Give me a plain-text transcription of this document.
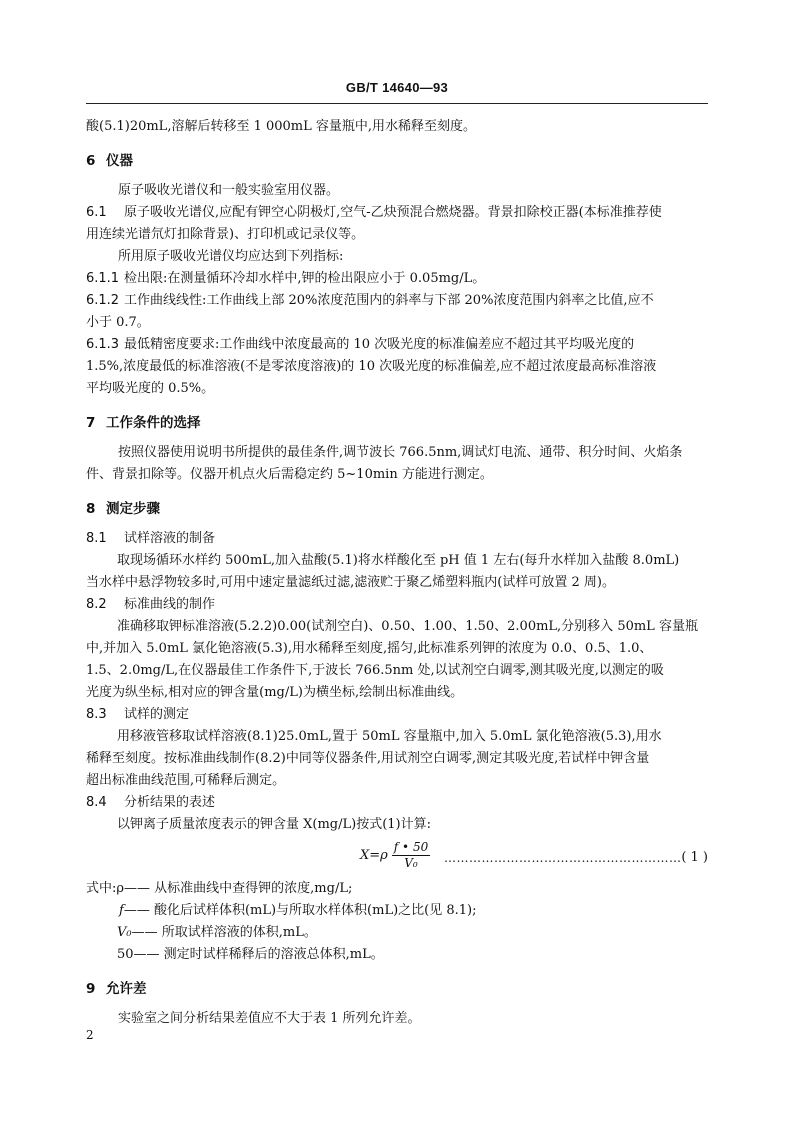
GB/T 14640—93
酸(5.1)20mL,溶解后转移至 1 000mL 容量瓶中,用水稀释至刻度。
6 仪器
原子吸收光谱仪和一般实验室用仪器。
6.1 原子吸收光谱仪,应配有钾空心阴极灯,空气-乙炔预混合燃烧器。背景扣除校正器(本标准推荐使
用连续光谱氘灯扣除背景)、打印机或记录仪等。
所用原子吸收光谱仪均应达到下列指标:
6.1.1 检出限:在测量循环冷却水样中,钾的检出限应小于 0.05mg/L。
6.1.2 工作曲线线性:工作曲线上部 20%浓度范围内的斜率与下部 20%浓度范围内斜率之比值,应不
小于 0.7。
6.1.3 最低精密度要求:工作曲线中浓度最高的 10 次吸光度的标准偏差应不超过其平均吸光度的
1.5%,浓度最低的标准溶液(不是零浓度溶液)的 10 次吸光度的标准偏差,应不超过浓度最高标准溶液
平均吸光度的 0.5%。
7 工作条件的选择
按照仪器使用说明书所提供的最佳条件,调节波长 766.5nm,调试灯电流、通带、积分时间、火焰条
件、背景扣除等。仪器开机点火后需稳定约 5~10min 方能进行测定。
8 测定步骤
8.1 试样溶液的制备
取现场循环水样约 500mL,加入盐酸(5.1)将水样酸化至 pH 值 1 左右(每升水样加入盐酸 8.0mL)
当水样中悬浮物较多时,可用中速定量滤纸过滤,滤液贮于聚乙烯塑料瓶内(试样可放置 2 周)。
8.2 标准曲线的制作
准确移取钾标准溶液(5.2.2)0.00(试剂空白)、0.50、1.00、1.50、2.00mL,分别移入 50mL 容量瓶
中,并加入 5.0mL 氯化铯溶液(5.3),用水稀释至刻度,摇匀,此标准系列钾的浓度为 0.0、0.5、1.0、
1.5、2.0mg/L,在仪器最佳工作条件下,于波长 766.5nm 处,以试剂空白调零,测其吸光度,以测定的吸
光度为纵坐标,相对应的钾含量(mg/L)为横坐标,绘制出标准曲线。
8.3 试样的测定
用移液管移取试样溶液(8.1)25.0mL,置于 50mL 容量瓶中,加入 5.0mL 氯化铯溶液(5.3),用水
稀释至刻度。按标准曲线制作(8.2)中同等仪器条件,用试剂空白调零,测定其吸光度,若试样中钾含量
超出标准曲线范围,可稀释后测定。
8.4 分析结果的表述
以钾离子质量浓度表示的钾含量 X(mg/L)按式(1)计算:
$X=\rho \frac{f • 50}{\text{V₀}}$ ………………………………………………… ( 1 )
式中:ρ—— 从标准曲线中查得钾的浓度,mg/L;
f—— 酸化后试样体积(mL)与所取水样体积(mL)之比(见 8.1);
V₀—— 所取试样溶液的体积,mL。
50—— 测定时试样稀释后的溶液总体积,mL。
9 允许差
实验室之间分析结果差值应不大于表 1 所列允许差。
2
